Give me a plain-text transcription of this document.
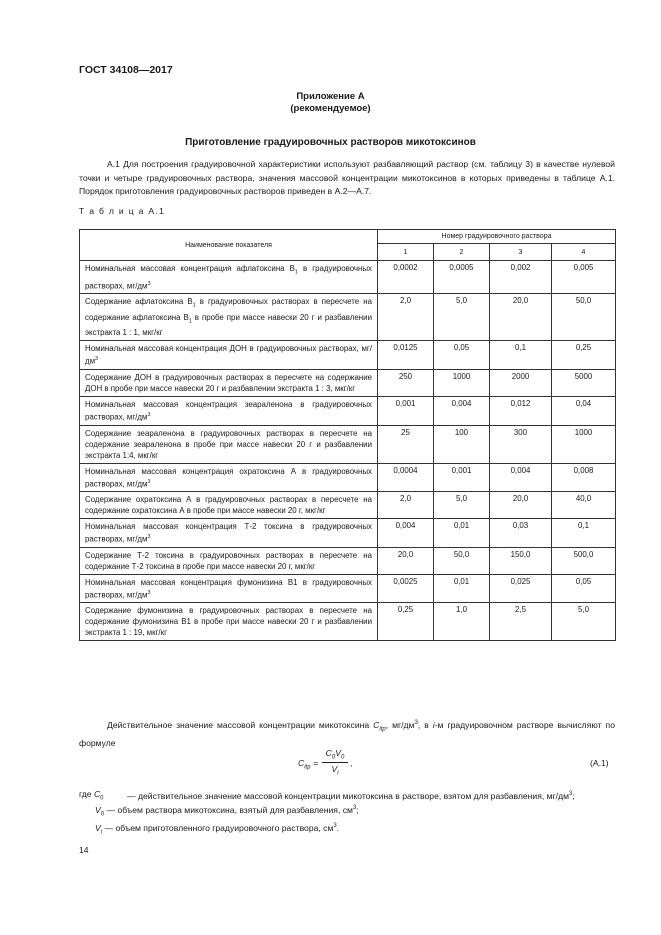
ГОСТ 34108—2017
Приложение А
(рекомендуемое)
Приготовление градуировочных растворов микотоксинов

А.1 Для построения градуировочной характеристики используют разбавляющий раствор (см. таблицу 3) в качестве нулевой точки и четыре градуировочных раствора, значения массовой концентрации микотоксинов в которых приведены в таблице А.1. Порядок приготовления градуировочных растворов приведен в А.2—А.7.

Т а б л и ц а А.1
Наименование показателя	Номер градуировочного раствора			
	1	2	3	4
Номинальная массовая концентрация афлатоксина $B_1$ в градуировочных растворах, $мг/дм^3$	0,0002	0,0005	0,002	0,005
Содержание афлатоксина $B_1$ в градуировочных растворах в пересчете на содержание афлатоксина $B_1$ в пробе при массе навески 20 г и разбавлении экстракта 1 : 1, мкг/кг	2,0	5,0	20,0	50,0
Номинальная массовая концентрация ДОН в градуировочных растворах, $мг/дм^3$	0,0125	0,05	0,1	0,25
Содержание ДОН в градуировочных растворах в пересчете на содержание ДОН в пробе при массе навески 20 г и разбавлении экстракта 1 : 3, мкг/кг	250	1000	2000	5000
Номинальная массовая концентрация зеараленона в градуировочных растворах, $мг/дм^3$	0,001	0,004	0,012	0,04
Содержание зеараленона в градуировочных растворах в пересчете на содержание зеараленона в пробе при массе навески 20 г и разбавлении экстракта 1:4, мкг/кг	25	100	300	1000
Номинальная массовая концентрация охратоксина А в градуировочных растворах, $мг/дм^3$	0,0004	0,001	0,004	0,008
Содержание охратоксина А в градуировочных растворах в пересчете на содержание охратоксина А в пробе при массе навески 20 г, мкг/кг	2,0	5,0	20,0	40,0
Номинальная массовая концентрация Т-2 токсина в градуировочных растворах, $мг/дм^3$	0,004	0,01	0,03	0,1
Содержание Т-2 токсина в градуировочных растворах в пересчете на содержание Т-2 токсина в пробе при массе навески 20 г, мкг/кг	20,0	50,0	150,0	500,0
Номинальная массовая концентрация фумонизина В1 в градуировочных растворах, $мг/дм^3$	0,0025	0,01	0,025	0,05
Содержание фумонизина в градуировочных растворах в пересчете на содержание фумонизина В1 в пробе при массе навески 20 г и разбавлении экстракта 1 : 19, мкг/кг	0,25	1,0	2,5	5,0

Действительное значение массовой концентрации микотоксина $C_{itр}$, $мг/дм^3$, в i-м градуировочном растворе вычисляют по формуле

$C_{itр} = \frac{C_0V_0}{V_i}$ ,	(А.1)
где $C_0$	— действительное значение массовой концентрации микотоксина в растворе, взятом для разбавления, $мг/дм^3$;
$V_0$ — объем раствора микотоксина, взятый для разбавления, $см^3$;
$V_i$ — объем приготовленного градуировочного раствора, $см^3$.
14
